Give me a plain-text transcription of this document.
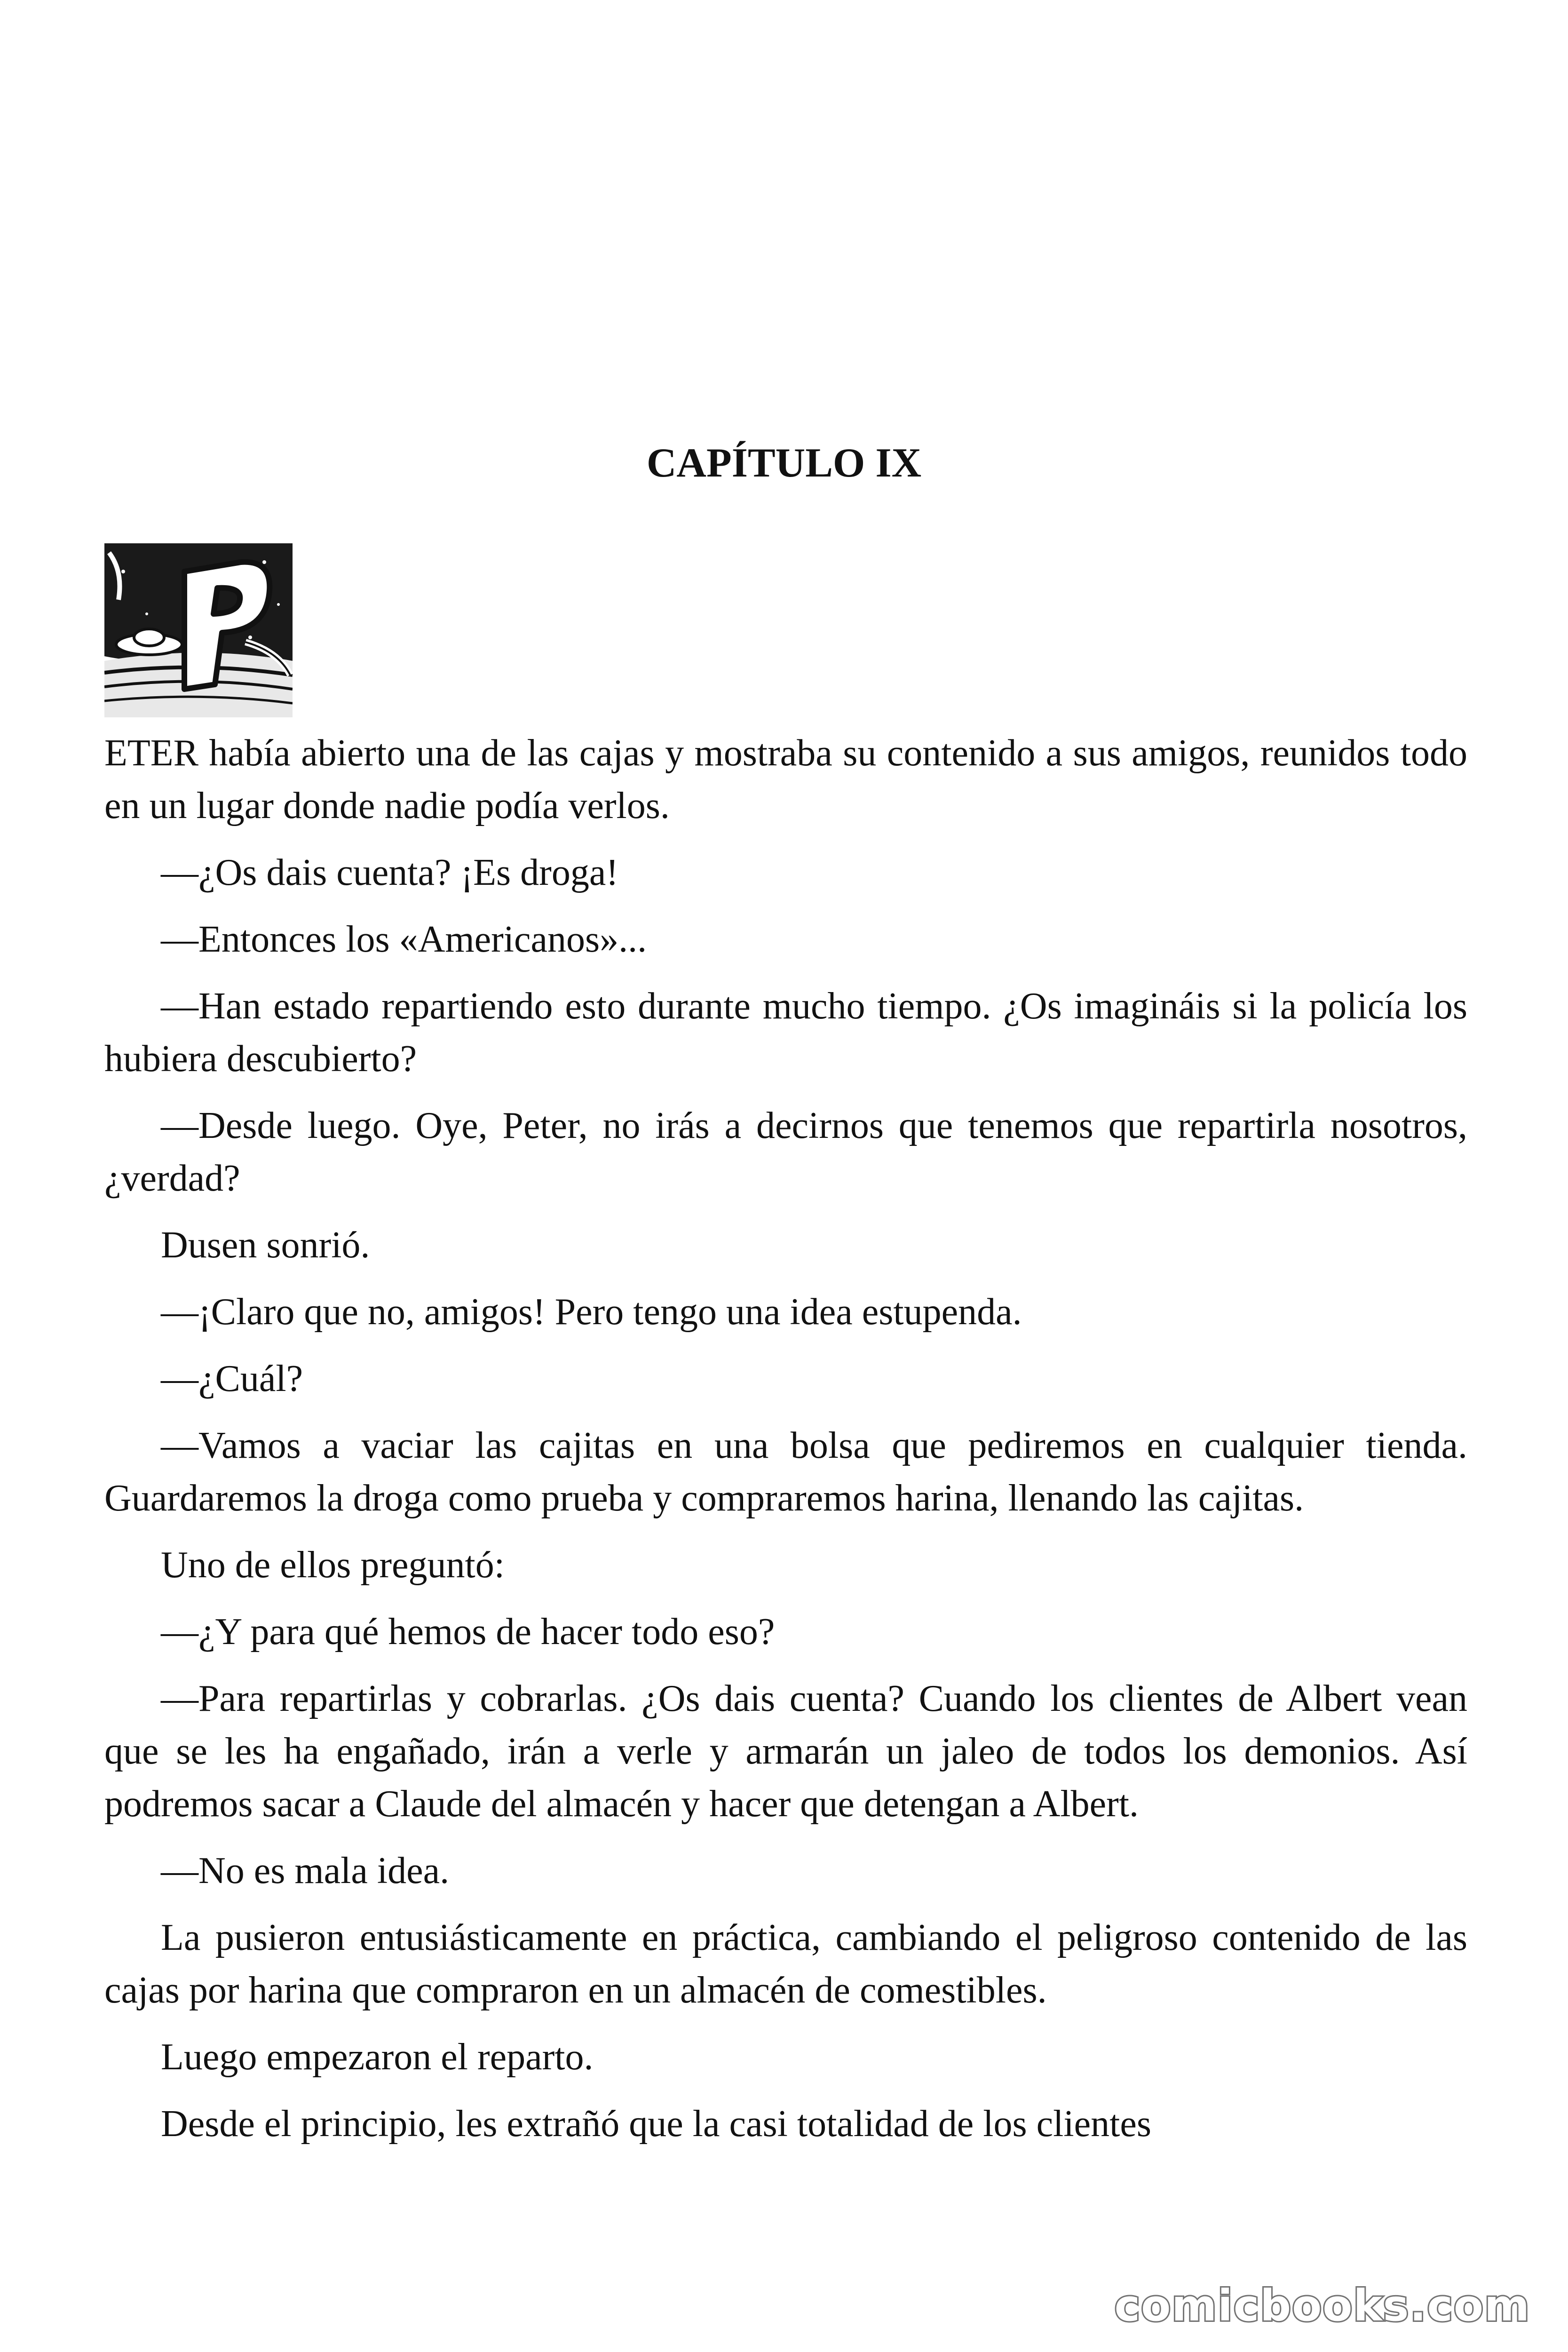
CAPÍTULO IX

ETER había abierto una de las cajas y mostraba su contenido a sus amigos, reunidos todo en un lugar donde nadie podía verlos.

—¿Os dais cuenta? ¡Es droga!

—Entonces los «Americanos»...

—Han estado repartiendo esto durante mucho tiempo. ¿Os imagináis si la policía los hubiera descubierto?

—Desde luego. Oye, Peter, no irás a decirnos que tenemos que repartirla nosotros, ¿verdad?

Dusen sonrió.

—¡Claro que no, amigos! Pero tengo una idea estupenda.

—¿Cuál?

—Vamos a vaciar las cajitas en una bolsa que pediremos en cualquier tienda. Guardaremos la droga como prueba y compraremos harina, llenando las cajitas.

Uno de ellos preguntó:

—¿Y para qué hemos de hacer todo eso?

—Para repartirlas y cobrarlas. ¿Os dais cuenta? Cuando los clientes de Albert vean que se les ha engañado, irán a verle y armarán un jaleo de todos los demonios. Así podremos sacar a Claude del almacén y hacer que detengan a Albert.

—No es mala idea.

La pusieron entusiásticamente en práctica, cambiando el peligroso contenido de las cajas por harina que compraron en un almacén de comestibles.

Luego empezaron el reparto.

Desde el principio, les extrañó que la casi totalidad de los clientes

comicbooks.com
